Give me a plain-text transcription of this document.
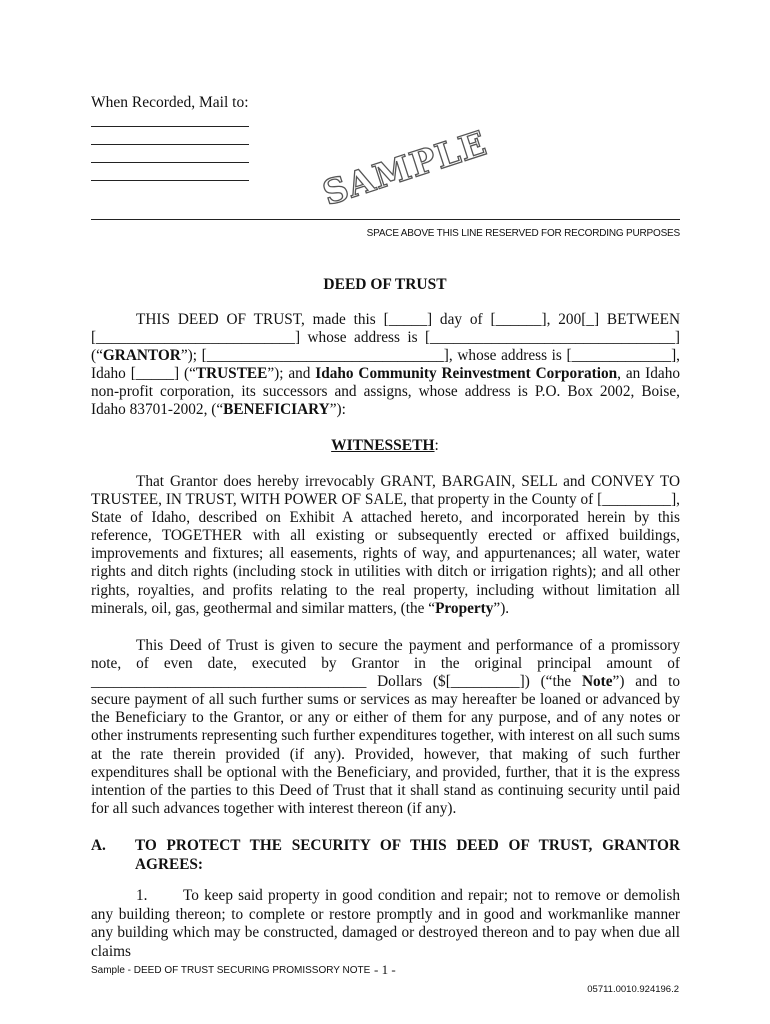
When Recorded, Mail to:
SAMPLE
SPACE ABOVE THIS LINE RESERVED FOR RECORDING PURPOSES
DEED OF TRUST

THIS DEED OF TRUST, made this [_____] day of [______], 200[_] BETWEEN [__________________________] whose address is [________________________________] (“GRANTOR”); [_______________________________], whose address is [_____________], Idaho [_____] (“TRUSTEE”); and Idaho Community Reinvestment Corporation, an Idaho non-profit corporation, its successors and assigns, whose address is P.O. Box 2002, Boise, Idaho 83701-2002, (“BENEFICIARY”):

WITNESSETH:

That Grantor does hereby irrevocably GRANT, BARGAIN, SELL and CONVEY TO TRUSTEE, IN TRUST, WITH POWER OF SALE, that property in the County of [_________], State of Idaho, described on Exhibit A attached hereto, and incorporated herein by this reference, TOGETHER with all existing or subsequently erected or affixed buildings, improvements and fixtures; all easements, rights of way, and appurtenances; all water, water rights and ditch rights (including stock in utilities with ditch or irrigation rights); and all other rights, royalties, and profits relating to the real property, including without limitation all minerals, oil, gas, geothermal and similar matters, (the “Property”).

This Deed of Trust is given to secure the payment and performance of a promissory note, of even date, executed by Grantor in the original principal amount of ____________________________________ Dollars ($[_________]) (“the Note”) and to secure payment of all such further sums or services as may hereafter be loaned or advanced by the Beneficiary to the Grantor, or any or either of them for any purpose, and of any notes or other instruments representing such further expenditures together, with interest on all such sums at the rate therein provided (if any). Provided, however, that making of such further expenditures shall be optional with the Beneficiary, and provided, further, that it is the express intention of the parties to this Deed of Trust that it shall stand as continuing security until paid for all such advances together with interest thereon (if any).

A. TO PROTECT THE SECURITY OF THIS DEED OF TRUST, GRANTOR AGREES:
1. To keep said property in good condition and repair; not to remove or demolish any building thereon; to complete or restore promptly and in good and workmanlike manner any building which may be constructed, damaged or destroyed thereon and to pay when due all claims
Sample - DEED OF TRUST SECURING PROMISSORY NOTE - 1 -
05711.0010.924196.2
